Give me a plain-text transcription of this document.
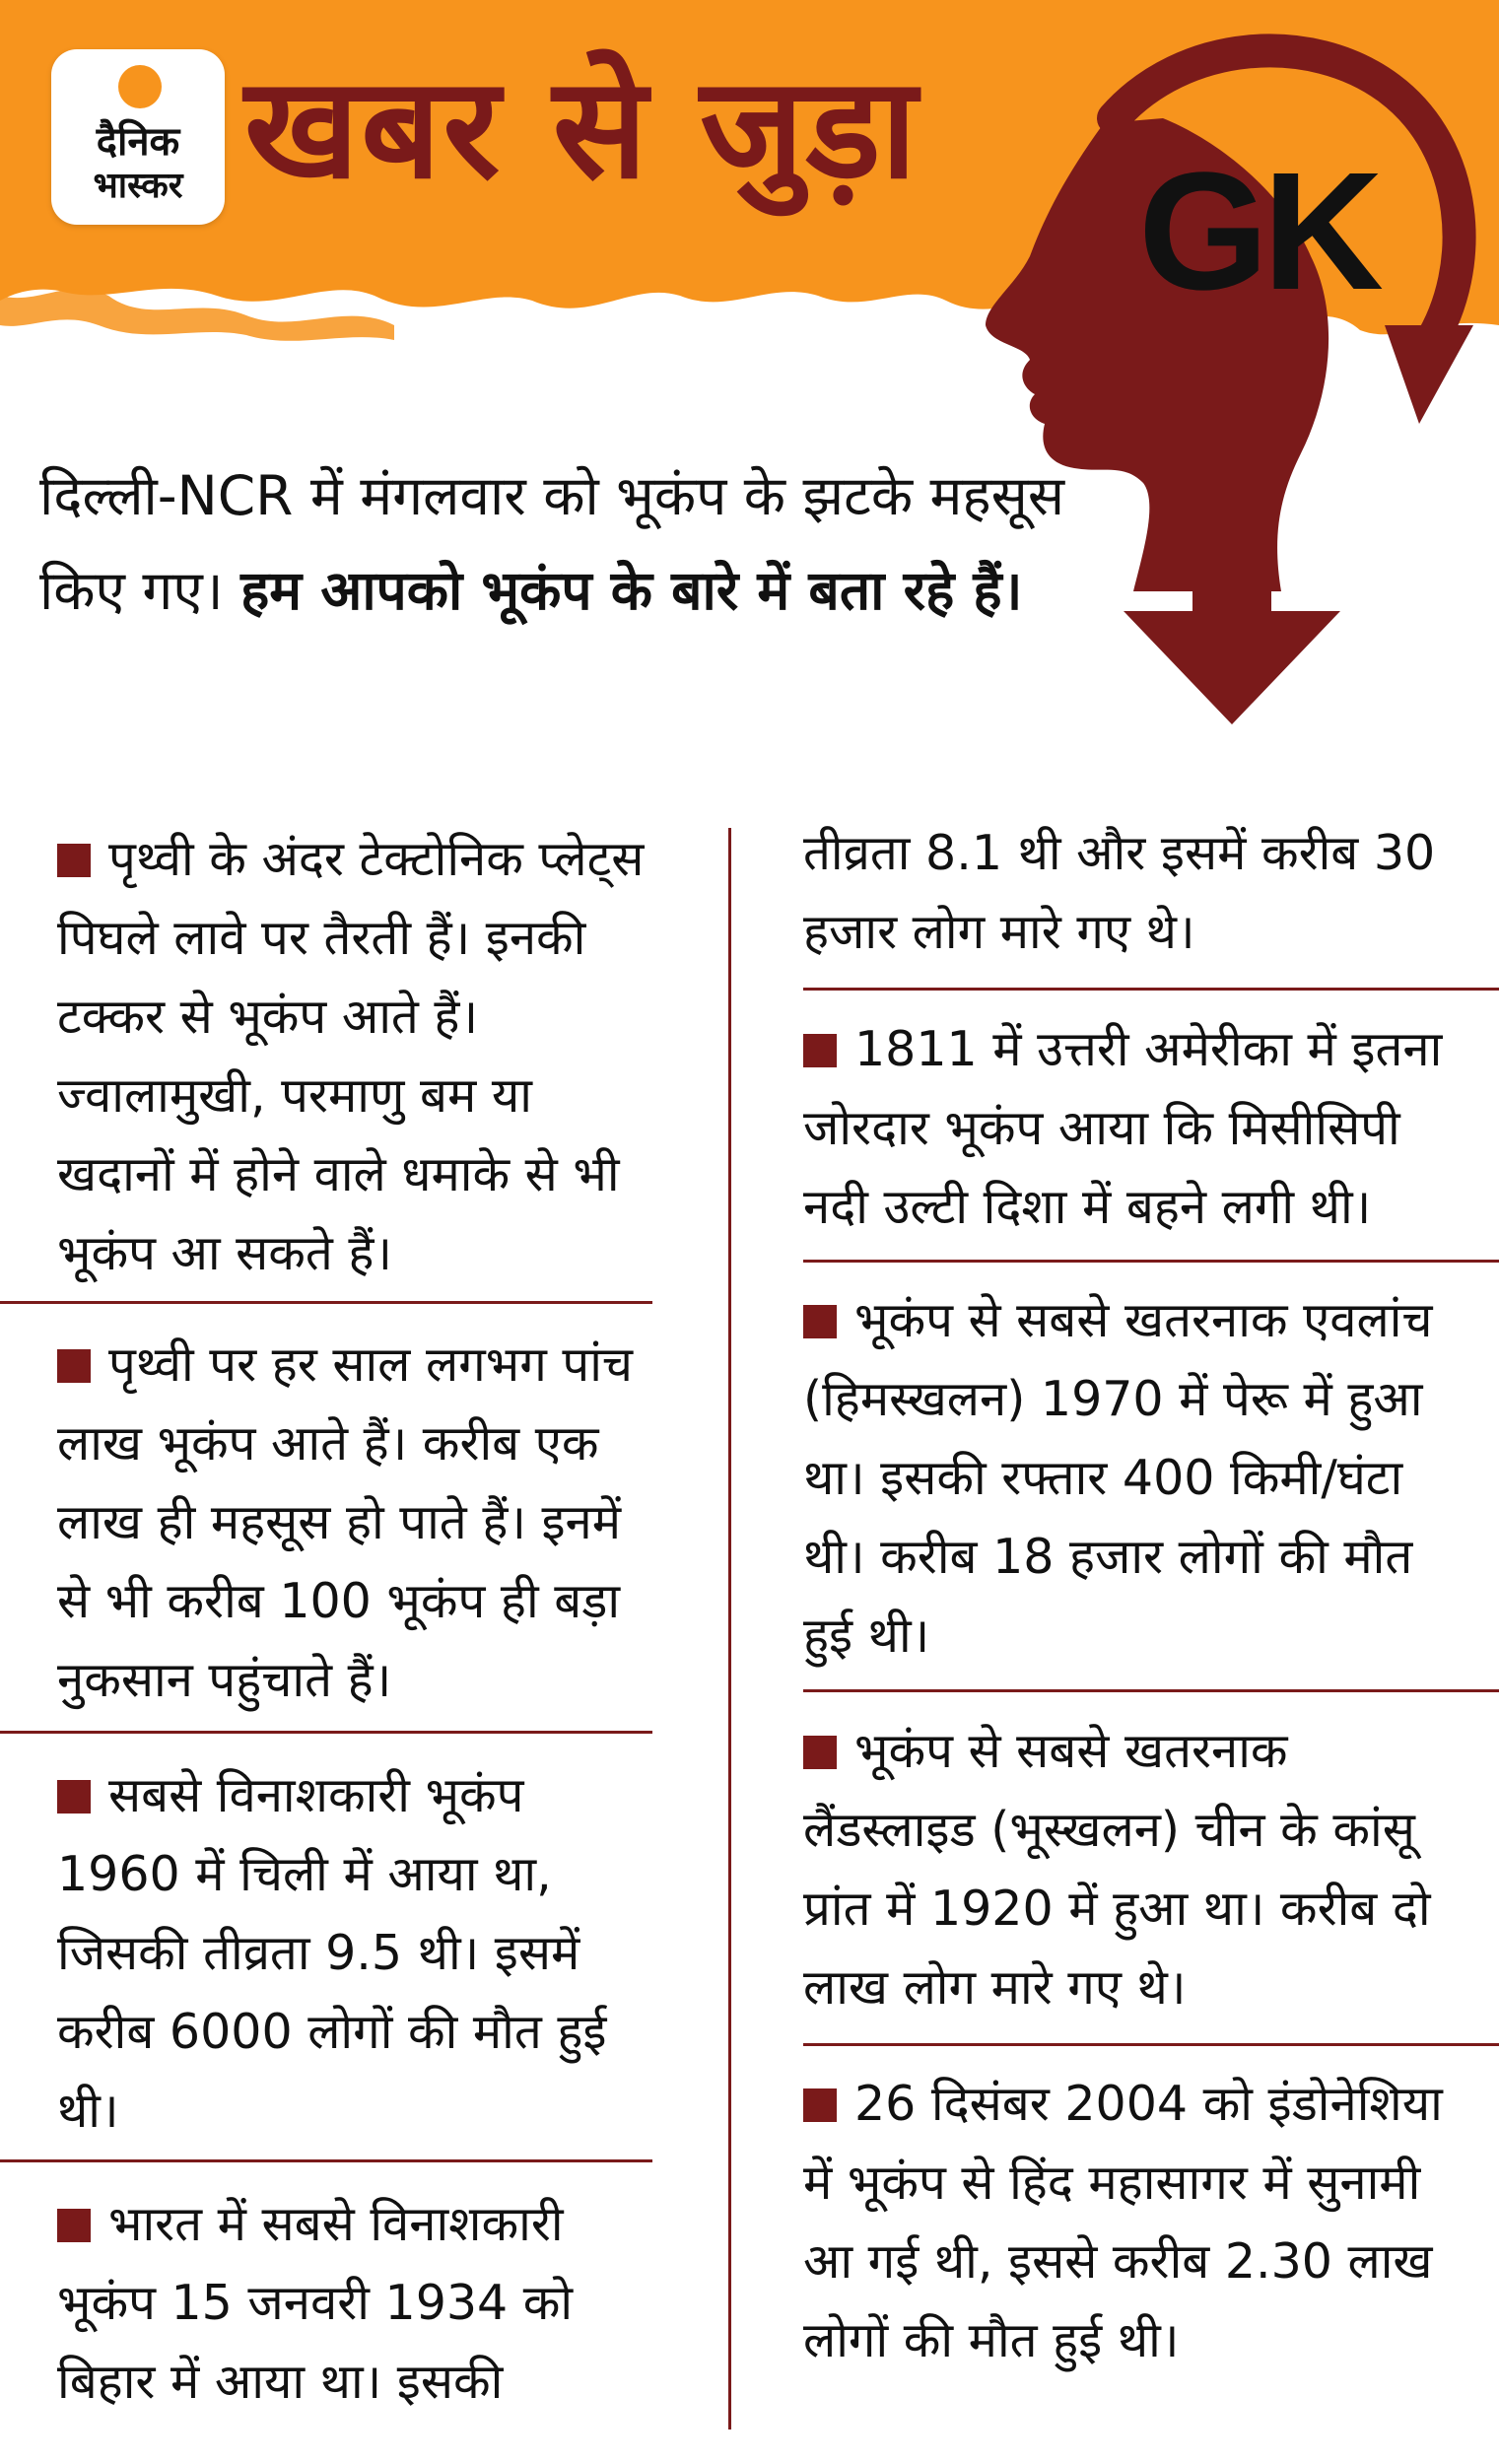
दैनिक
भास्कर खबर से जुड़ा
GK
दिल्ली-NCR में मंगलवार को भूकंप के झटके महसूस किए गए। हम आपको भूकंप के बारे में बता रहे हैं।
पृथ्वी के अंदर टेक्टोनिक प्लेट्स पिघले लावे पर तैरती हैं। इनकी टक्कर से भूकंप आते हैं। ज्वालामुखी, परमाणु बम या खदानों में होने वाले धमाके से भी भूकंप आ सकते हैं।
पृथ्वी पर हर साल लगभग पांच लाख भूकंप आते हैं। करीब एक लाख ही महसूस हो पाते हैं। इनमें से भी करीब 100 भूकंप ही बड़ा नुकसान पहुंचाते हैं।
सबसे विनाशकारी भूकंप 1960 में चिली में आया था, जिसकी तीव्रता 9.5 थी। इसमें करीब 6000 लोगों की मौत हुई थी।
भारत में सबसे विनाशकारी भूकंप 15 जनवरी 1934 को बिहार में आया था। इसकी
तीव्रता 8.1 थी और इसमें करीब 30 हजार लोग मारे गए थे।
1811 में उत्तरी अमेरीका में इतना जोरदार भूकंप आया कि मिसीसिपी नदी उल्टी दिशा में बहने लगी थी।
भूकंप से सबसे खतरनाक एवलांच (हिमस्खलन) 1970 में पेरू में हुआ था। इसकी रफ्तार 400 किमी/घंटा थी। करीब 18 हजार लोगों की मौत हुई थी।
भूकंप से सबसे खतरनाक लैंडस्लाइड (भूस्खलन) चीन के कांसू प्रांत में 1920 में हुआ था। करीब दो लाख लोग मारे गए थे।
26 दिसंबर 2004 को इंडोनेशिया में भूकंप से हिंद महासागर में सुनामी आ गई थी, इससे करीब 2.30 लाख लोगों की मौत हुई थी।
